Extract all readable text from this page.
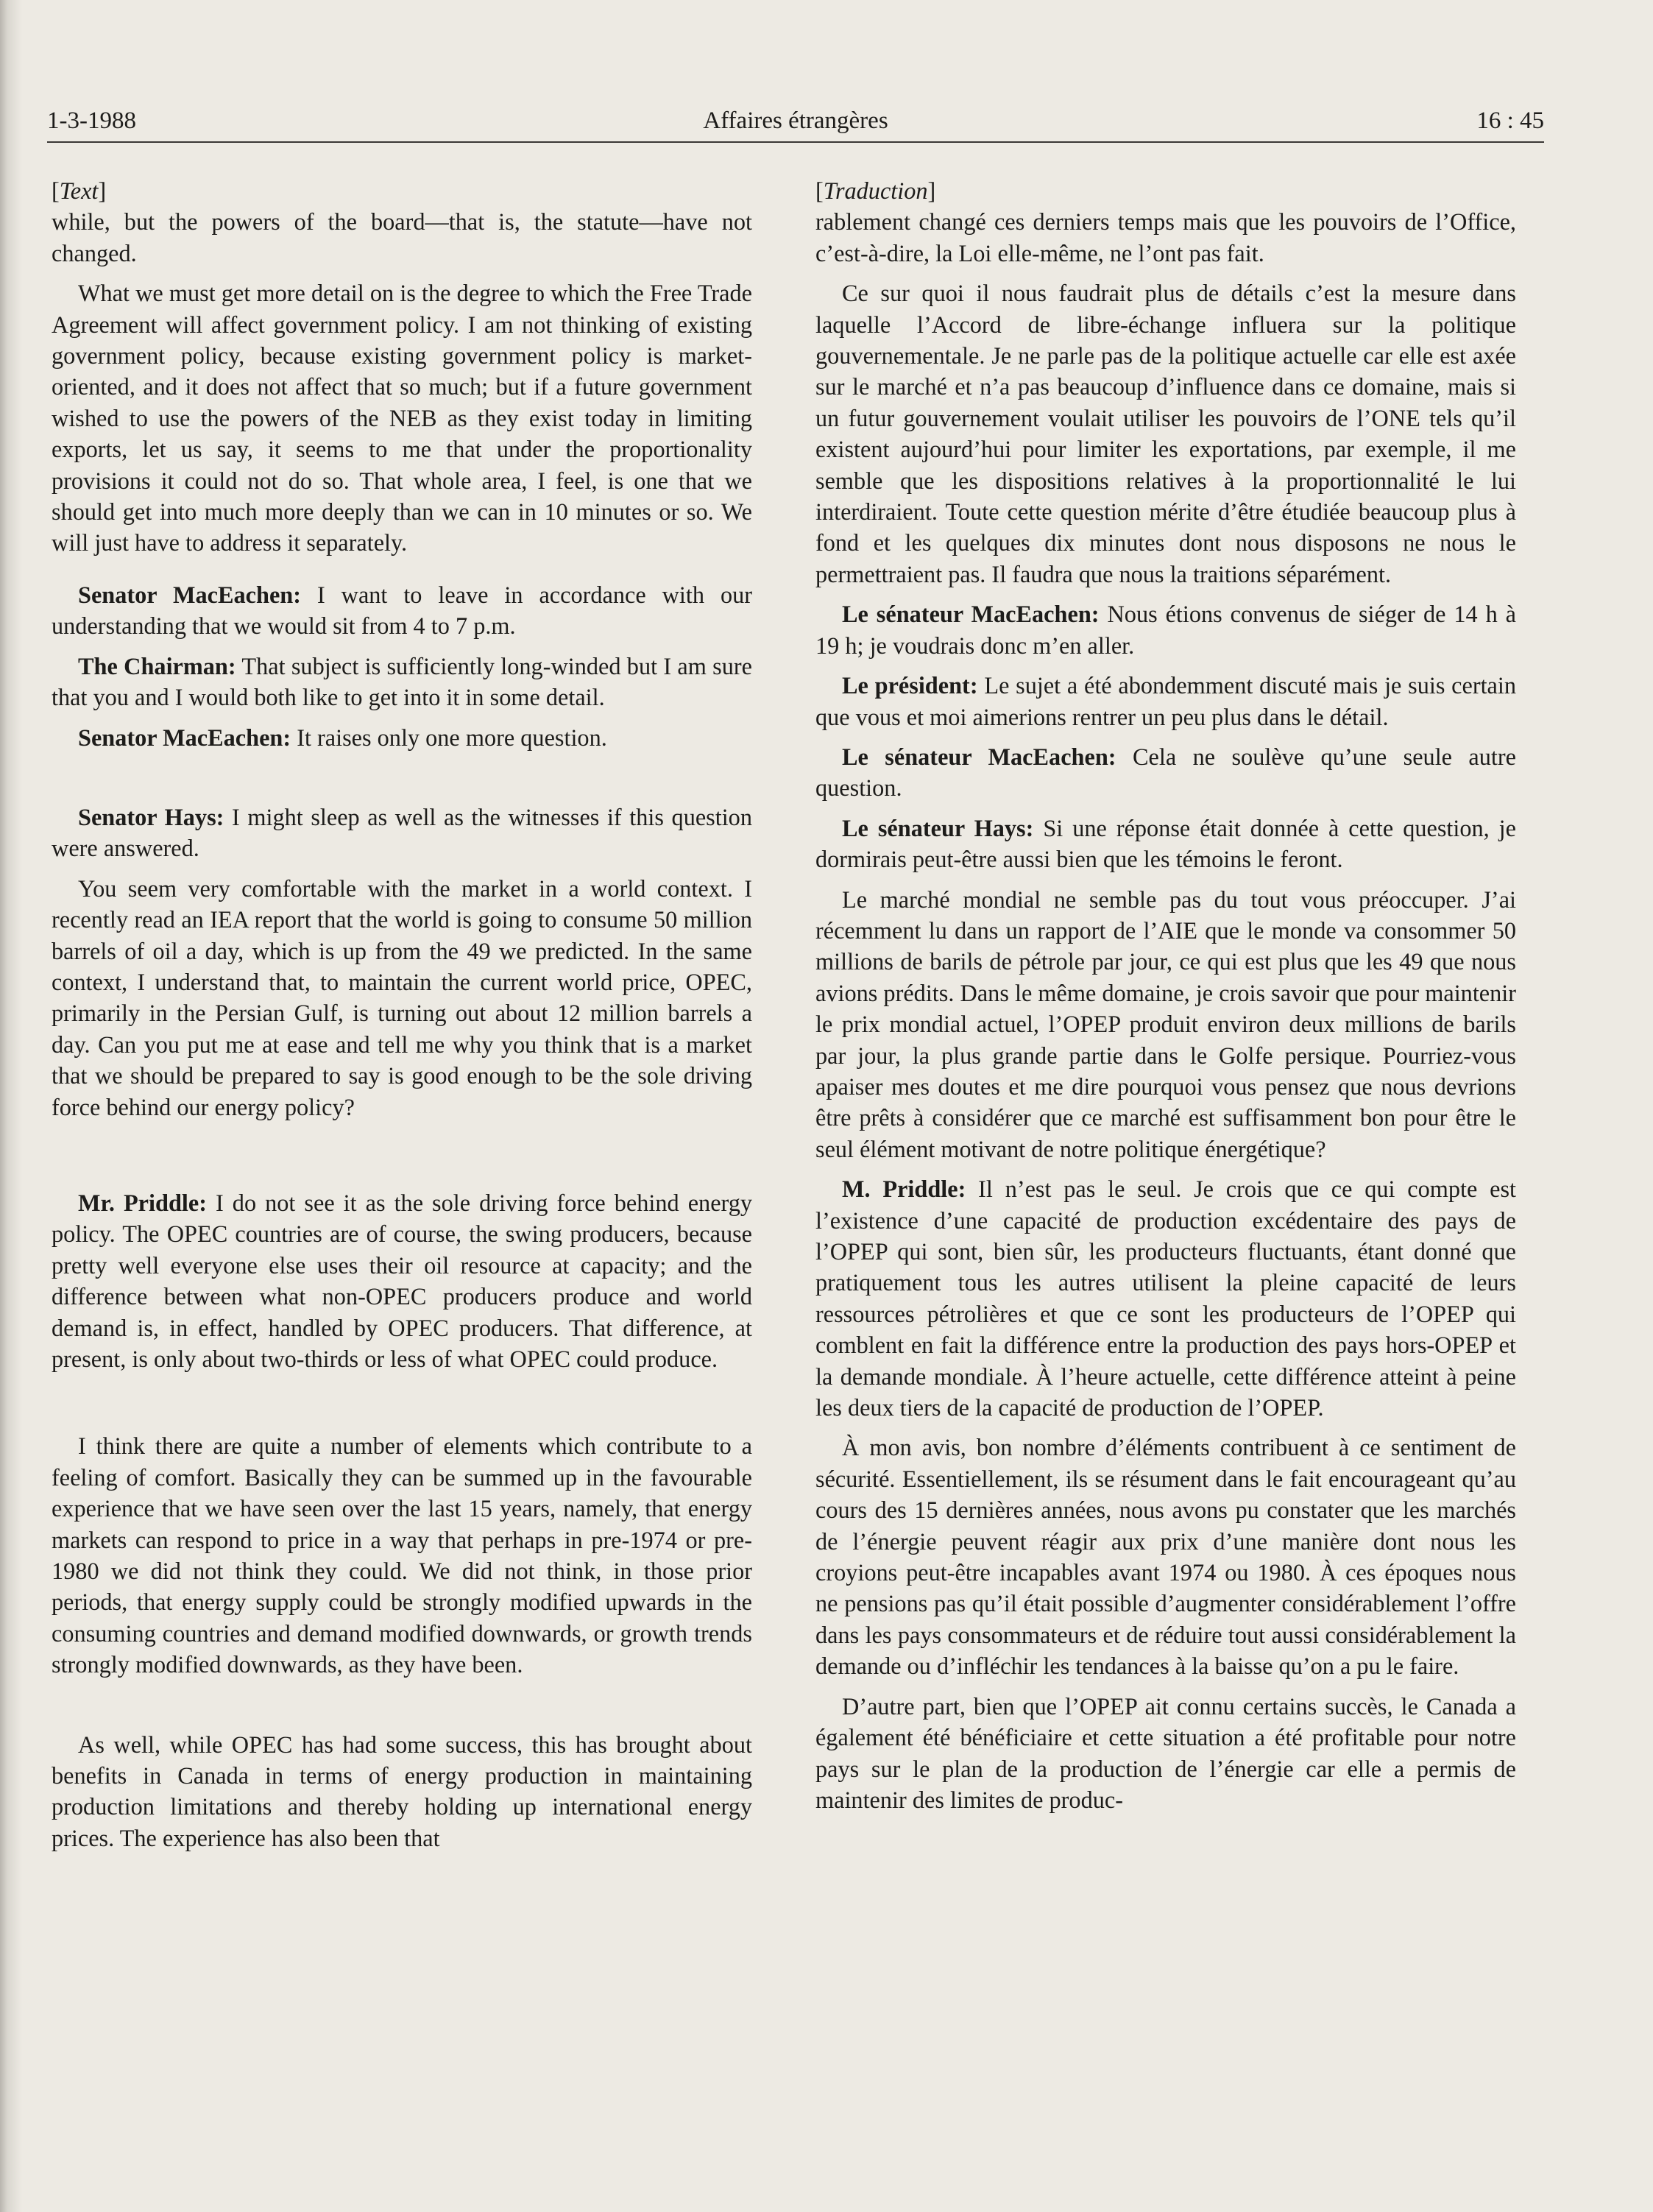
1-3-1988	Affaires étrangères	16 : 45

[Text]

while, but the powers of the board—that is, the statute—have not changed.

What we must get more detail on is the degree to which the Free Trade Agreement will affect government policy. I am not thinking of existing government policy, because existing government policy is market-oriented, and it does not affect that so much; but if a future government wished to use the powers of the NEB as they exist today in limiting exports, let us say, it seems to me that under the proportionality provisions it could not do so. That whole area, I feel, is one that we should get into much more deeply than we can in 10 minutes or so. We will just have to address it separately.

Senator MacEachen: I want to leave in accordance with our understanding that we would sit from 4 to 7 p.m.

The Chairman: That subject is sufficiently long-winded but I am sure that you and I would both like to get into it in some detail.

Senator MacEachen: It raises only one more question.

Senator Hays: I might sleep as well as the witnesses if this question were answered.

You seem very comfortable with the market in a world context. I recently read an IEA report that the world is going to consume 50 million barrels of oil a day, which is up from the 49 we predicted. In the same context, I understand that, to maintain the current world price, OPEC, primarily in the Persian Gulf, is turning out about 12 million barrels a day. Can you put me at ease and tell me why you think that is a market that we should be prepared to say is good enough to be the sole driving force behind our energy policy?

Mr. Priddle: I do not see it as the sole driving force behind energy policy. The OPEC countries are of course, the swing producers, because pretty well everyone else uses their oil resource at capacity; and the difference between what non-OPEC producers produce and world demand is, in effect, handled by OPEC producers. That difference, at present, is only about two-thirds or less of what OPEC could produce.

I think there are quite a number of elements which contribute to a feeling of comfort. Basically they can be summed up in the favourable experience that we have seen over the last 15 years, namely, that energy markets can respond to price in a way that perhaps in pre-1974 or pre-1980 we did not think they could. We did not think, in those prior periods, that energy supply could be strongly modified upwards in the consuming countries and demand modified downwards, or growth trends strongly modified downwards, as they have been.

As well, while OPEC has had some success, this has brought about benefits in Canada in terms of energy production in maintaining production limitations and thereby holding up international energy prices. The experience has also been that

[Traduction]

rablement changé ces derniers temps mais que les pouvoirs de l’Office, c’est-à-dire, la Loi elle-même, ne l’ont pas fait.

Ce sur quoi il nous faudrait plus de détails c’est la mesure dans laquelle l’Accord de libre-échange influera sur la politique gouvernementale. Je ne parle pas de la politique actuelle car elle est axée sur le marché et n’a pas beaucoup d’influence dans ce domaine, mais si un futur gouvernement voulait utiliser les pouvoirs de l’ONE tels qu’il existent aujourd’hui pour limiter les exportations, par exemple, il me semble que les dispositions relatives à la proportionnalité le lui interdiraient. Toute cette question mérite d’être étudiée beaucoup plus à fond et les quelques dix minutes dont nous disposons ne nous le permettraient pas. Il faudra que nous la traitions séparément.

Le sénateur MacEachen: Nous étions convenus de siéger de 14 h à 19 h; je voudrais donc m’en aller.

Le président: Le sujet a été abondemment discuté mais je suis certain que vous et moi aimerions rentrer un peu plus dans le détail.

Le sénateur MacEachen: Cela ne soulève qu’une seule autre question.

Le sénateur Hays: Si une réponse était donnée à cette question, je dormirais peut-être aussi bien que les témoins le feront.

Le marché mondial ne semble pas du tout vous préoccuper. J’ai récemment lu dans un rapport de l’AIE que le monde va consommer 50 millions de barils de pétrole par jour, ce qui est plus que les 49 que nous avions prédits. Dans le même domaine, je crois savoir que pour maintenir le prix mondial actuel, l’OPEP produit environ deux millions de barils par jour, la plus grande partie dans le Golfe persique. Pourriez-vous apaiser mes doutes et me dire pourquoi vous pensez que nous devrions être prêts à considérer que ce marché est suffisamment bon pour être le seul élément motivant de notre politique énergétique?

M. Priddle: Il n’est pas le seul. Je crois que ce qui compte est l’existence d’une capacité de production excédentaire des pays de l’OPEP qui sont, bien sûr, les producteurs fluctuants, étant donné que pratiquement tous les autres utilisent la pleine capacité de leurs ressources pétrolières et que ce sont les producteurs de l’OPEP qui comblent en fait la différence entre la production des pays hors-OPEP et la demande mondiale. À l’heure actuelle, cette différence atteint à peine les deux tiers de la capacité de production de l’OPEP.

À mon avis, bon nombre d’éléments contribuent à ce sentiment de sécurité. Essentiellement, ils se résument dans le fait encourageant qu’au cours des 15 dernières années, nous avons pu constater que les marchés de l’énergie peuvent réagir aux prix d’une manière dont nous les croyions peut-être incapables avant 1974 ou 1980. À ces époques nous ne pensions pas qu’il était possible d’augmenter considérablement l’offre dans les pays consommateurs et de réduire tout aussi considérablement la demande ou d’infléchir les tendances à la baisse qu’on a pu le faire.

D’autre part, bien que l’OPEP ait connu certains succès, le Canada a également été bénéficiaire et cette situation a été profitable pour notre pays sur le plan de la production de l’énergie car elle a permis de maintenir des limites de produc-
